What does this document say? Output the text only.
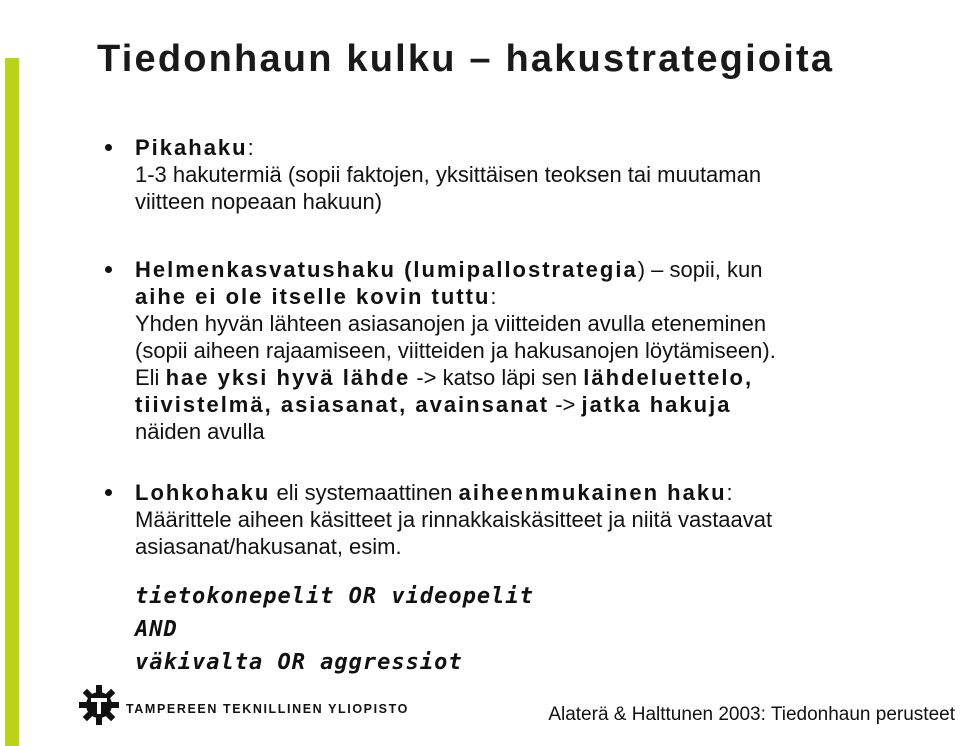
Tiedonhaun kulku – hakustrategioita
Pikahaku:
1-3 hakutermiä (sopii faktojen, yksittäisen teoksen tai muutaman
viitteen nopeaan hakuun)
Helmenkasvatushaku (lumipallostrategia) – sopii, kun
aihe ei ole itselle kovin tuttu:
Yhden hyvän lähteen asiasanojen ja viitteiden avulla eteneminen
(sopii aiheen rajaamiseen, viitteiden ja hakusanojen löytämiseen).
Eli hae yksi hyvä lähde -> katso läpi sen lähdeluettelo,
tiivistelmä, asiasanat, avainsanat -> jatka hakuja
näiden avulla
Lohkohaku eli systemaattinen aiheenmukainen haku:
Määrittele aiheen käsitteet ja rinnakkaiskäsitteet ja niitä vastaavat
asiasanat/hakusanat, esim.
tietokonepelit OR videopelit
AND
väkivalta OR aggressiot
TAMPEREEN TEKNILLINEN YLIOPISTO	Alaterä & Halttunen 2003: Tiedonhaun perusteet
